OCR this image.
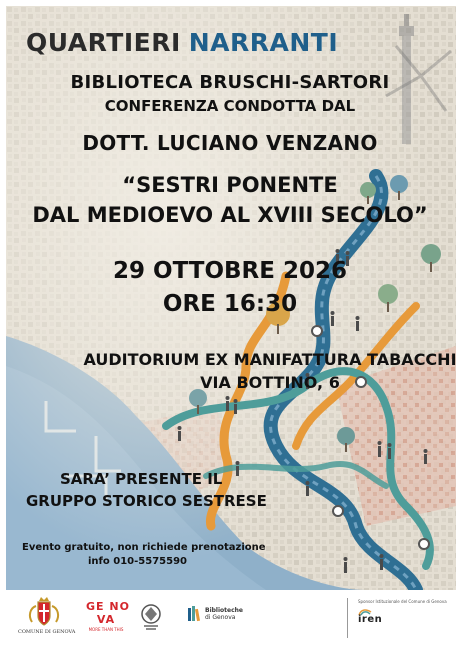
QUARTIERI NARRANTI
BIBLIOTECA BRUSCHI-SARTORI
CONFERENZA CONDOTTA DAL
DOTT. LUCIANO VENZANO
“SESTRI PONENTE
DAL MEDIOEVO AL XVIII SECOLO”
29 OTTOBRE 2026
ORE 16:30
AUDITORIUM EX MANIFATTURA TABACCHI
VIA BOTTINO, 6
SARA’ PRESENTE IL
GRUPPO STORICO SESTRESE
Evento gratuito, non richiede prenotazione
info 010-5575590
COMUNE DI GENOVA
GE NO
VA
MORE THAN THIS
Biblioteche
di Genova
Sponsor Istituzionale del Comune di Genova
iren
